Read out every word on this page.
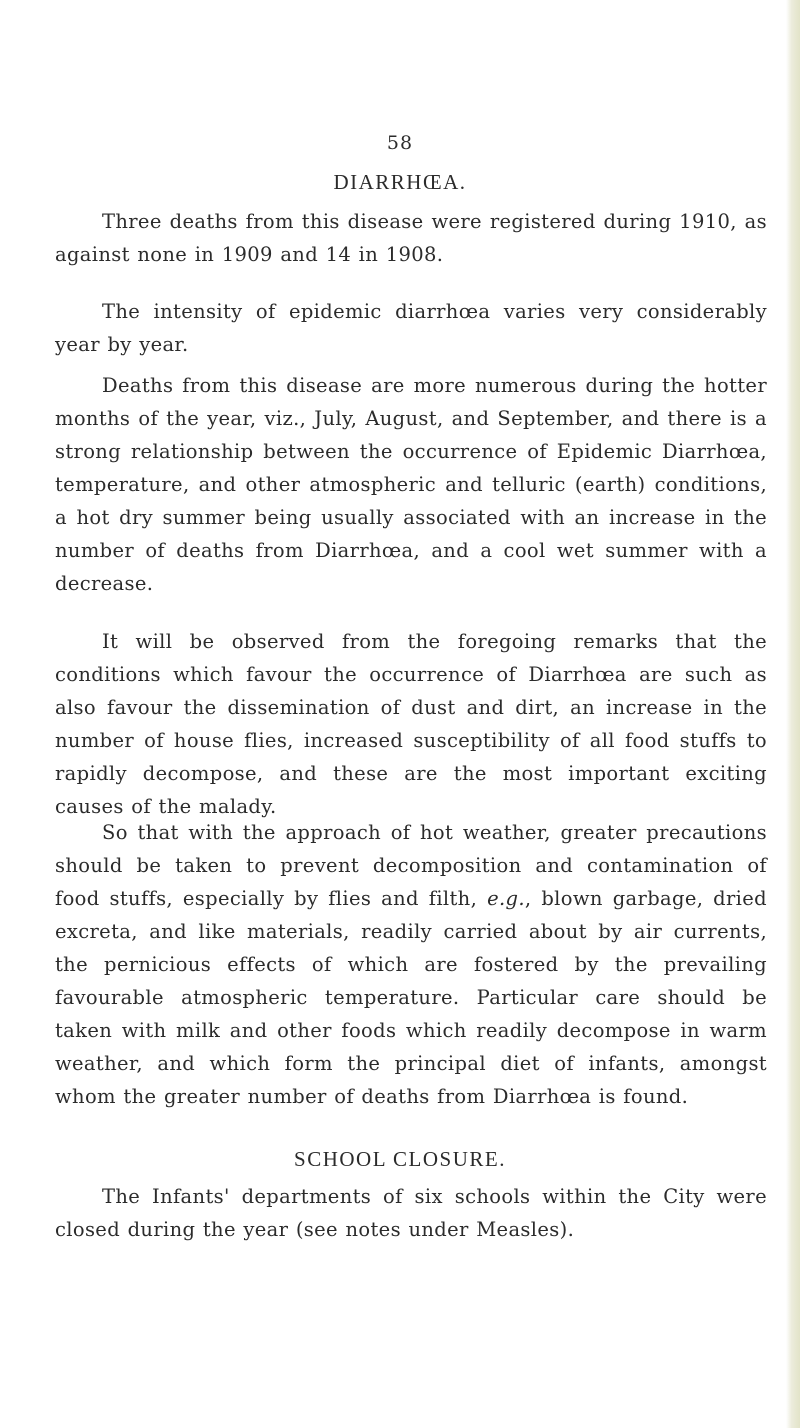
58
DIARRHŒA.

Three deaths from this disease were registered during 1910, as against none in 1909 and 14 in 1908.

The intensity of epidemic diarrhœa varies very considerably year by year.

Deaths from this disease are more numerous during the hotter months of the year, viz., July, August, and September, and there is a strong relationship between the occurrence of Epidemic Diarrhœa, temperature, and other atmospheric and telluric (earth) conditions, a hot dry summer being usually associated with an increase in the number of deaths from Diarrhœa, and a cool wet summer with a decrease.

It will be observed from the foregoing remarks that the conditions which favour the occurrence of Diarrhœa are such as also favour the dissemination of dust and dirt, an increase in the number of house flies, increased susceptibility of all food stuffs to rapidly decompose, and these are the most important exciting causes of the malady.

So that with the approach of hot weather, greater precautions should be taken to prevent decomposition and contamination of food stuffs, especially by flies and filth, e.g., blown garbage, dried excreta, and like materials, readily carried about by air currents, the pernicious effects of which are fostered by the prevailing favourable atmospheric temperature. Particular care should be taken with milk and other foods which readily decompose in warm weather, and which form the principal diet of infants, amongst whom the greater number of deaths from Diarrhœa is found.

SCHOOL CLOSURE.

The Infants' departments of six schools within the City were closed during the year (see notes under Measles).
